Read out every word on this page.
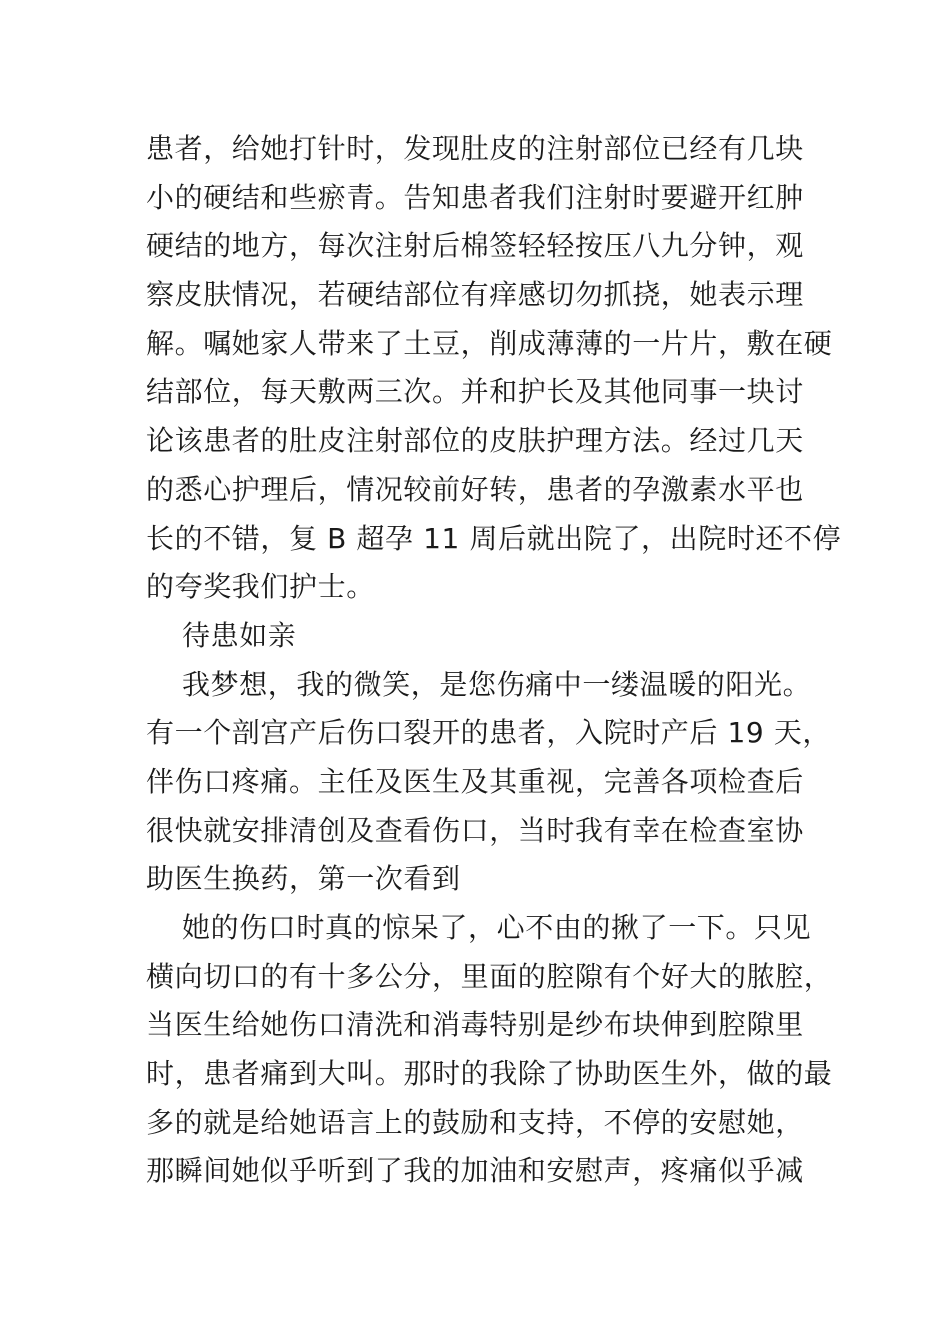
患者，给她打针时，发现肚皮的注射部位已经有几块
小的硬结和些瘀青。告知患者我们注射时要避开红肿
硬结的地方，每次注射后棉签轻轻按压八九分钟，观
察皮肤情况，若硬结部位有痒感切勿抓挠，她表示理
解。嘱她家人带来了土豆，削成薄薄的一片片，敷在硬
结部位，每天敷两三次。并和护长及其他同事一块讨
论该患者的肚皮注射部位的皮肤护理方法。经过几天
的悉心护理后，情况较前好转，患者的孕激素水平也
长的不错，复 B 超孕 11 周后就出院了，出院时还不停
的夸奖我们护士。
待患如亲
我梦想，我的微笑，是您伤痛中一缕温暖的阳光。
有一个剖宫产后伤口裂开的患者，入院时产后 19 天，
伴伤口疼痛。主任及医生及其重视，完善各项检查后
很快就安排清创及查看伤口，当时我有幸在检查室协
助医生换药，第一次看到
她的伤口时真的惊呆了，心不由的揪了一下。只见
横向切口的有十多公分，里面的腔隙有个好大的脓腔，
当医生给她伤口清洗和消毒特别是纱布块伸到腔隙里
时，患者痛到大叫。那时的我除了协助医生外，做的最
多的就是给她语言上的鼓励和支持，不停的安慰她，
那瞬间她似乎听到了我的加油和安慰声，疼痛似乎减
